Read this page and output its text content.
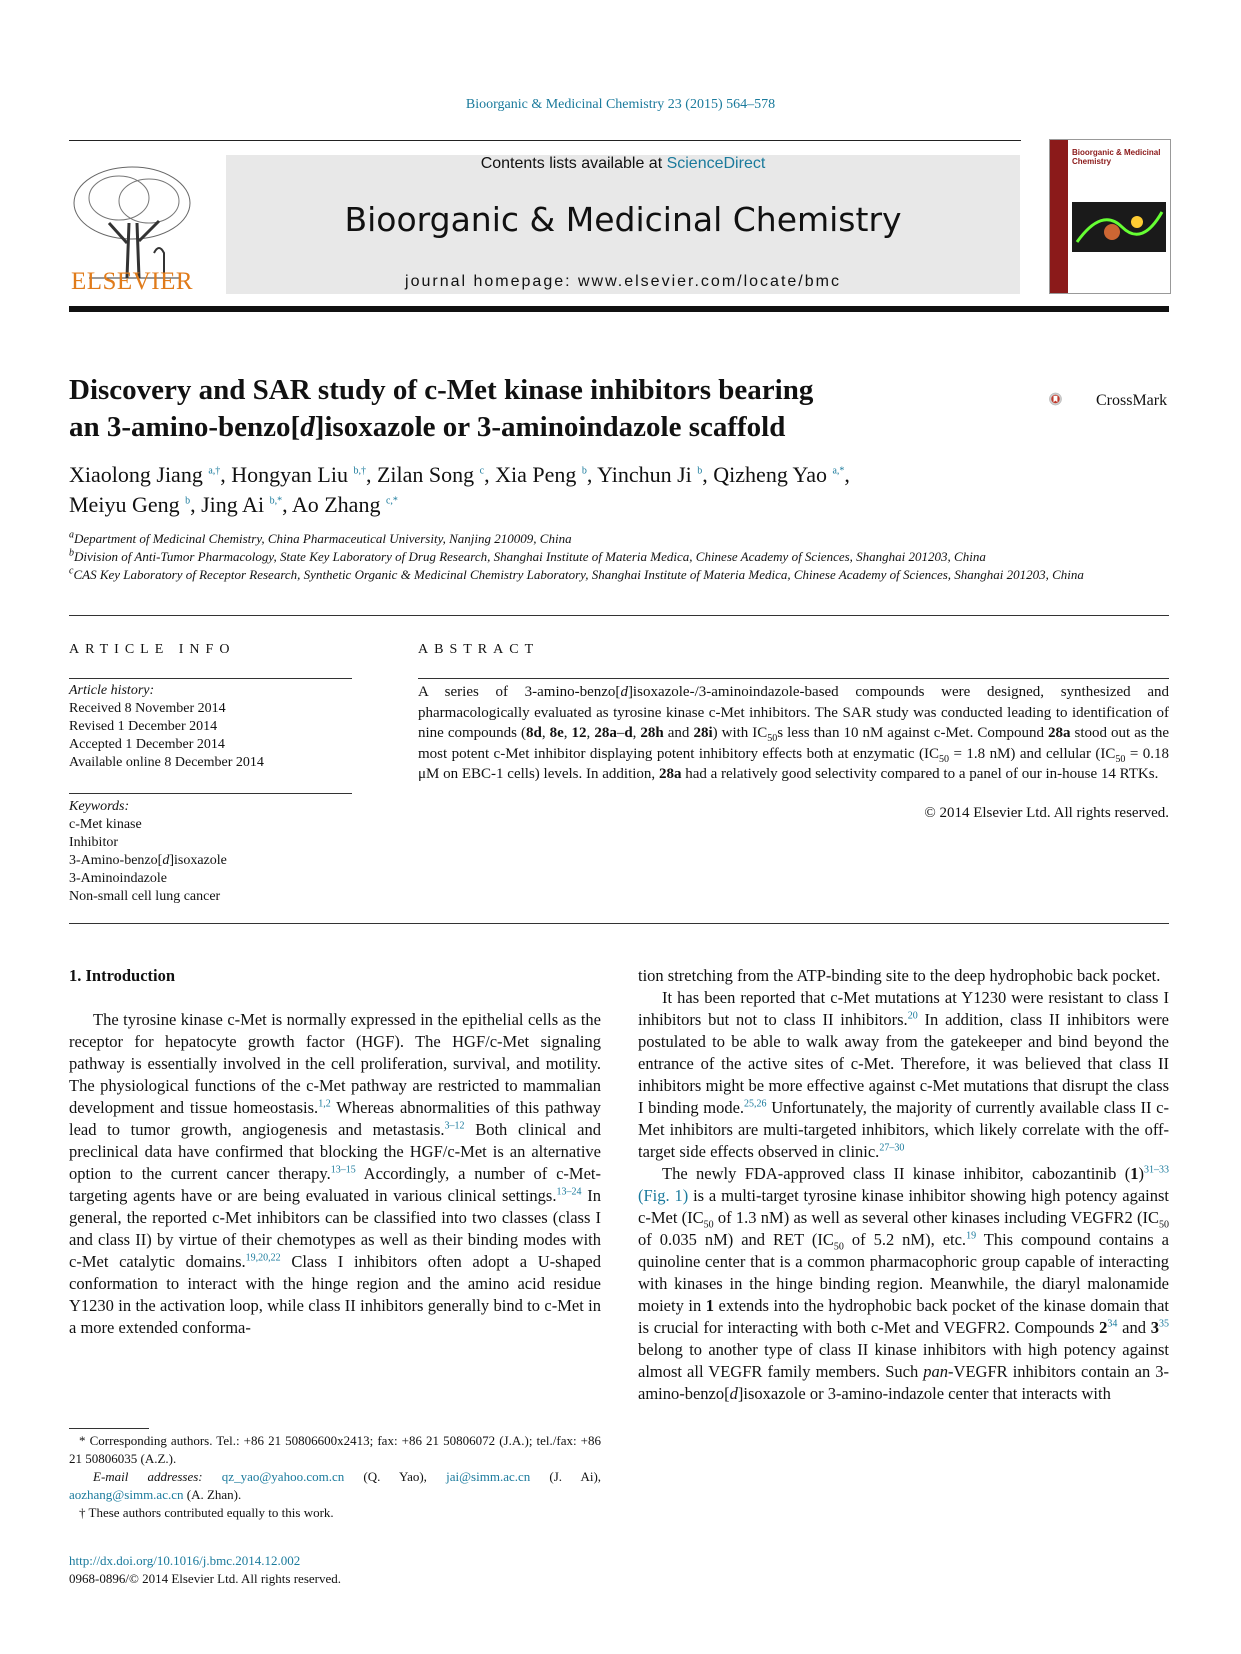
Bioorganic & Medicinal Chemistry 23 (2015) 564–578
ELSEVIER
Contents lists available at ScienceDirect
Bioorganic & Medicinal Chemistry
journal homepage: www.elsevier.com/locate/bmc
Bioorganic & Medicinal Chemistry
Discovery and SAR study of c-Met kinase inhibitors bearing
an 3-amino-benzo[d]isoxazole or 3-aminoindazole scaffold
CrossMark
Xiaolong Jiang $^{a,\dagger}$, Hongyan Liu $^{b,\dagger}$, Zilan Song $^c$, Xia Peng $^b$, Yinchun Ji $^b$, Qizheng Yao $^{a,*}$,
Meiyu Geng $^b$, Jing Ai $^{b,*}$, Ao Zhang $^{c,*}$
$^a$Department of Medicinal Chemistry, China Pharmaceutical University, Nanjing 210009, China
$^b$Division of Anti-Tumor Pharmacology, State Key Laboratory of Drug Research, Shanghai Institute of Materia Medica, Chinese Academy of Sciences, Shanghai 201203, China
$^c$CAS Key Laboratory of Receptor Research, Synthetic Organic & Medicinal Chemistry Laboratory, Shanghai Institute of Materia Medica, Chinese Academy of Sciences, Shanghai 201203, China
ARTICLE INFO	ABSTRACT
Article history:
Received 8 November 2014
Revised 1 December 2014
Accepted 1 December 2014
Available online 8 December 2014
Keywords:
c-Met kinase
Inhibitor
3-Amino-benzo[d]isoxazole
3-Aminoindazole
Non-small cell lung cancer
A series of 3-amino-benzo[d]isoxazole-/3-aminoindazole-based compounds were designed, synthesized and pharmacologically evaluated as tyrosine kinase c-Met inhibitors. The SAR study was conducted leading to identification of nine compounds (8d, 8e, 12, 28a–d, 28h and 28i) with $IC_{50}s$ less than 10 nM against c-Met. Compound 28a stood out as the most potent c-Met inhibitor displaying potent inhibitory effects both at enzymatic ($IC_{50} = 1.8$ nM) and cellular ($IC_{50} = 0.18$ μM on EBC-1 cells) levels. In addition, 28a had a relatively good selectivity compared to a panel of our in-house 14 RTKs.
© 2014 Elsevier Ltd. All rights reserved.
1. Introduction

The tyrosine kinase c-Met is normally expressed in the epithelial cells as the receptor for hepatocyte growth factor (HGF). The HGF/c-Met signaling pathway is essentially involved in the cell proliferation, survival, and motility. The physiological functions of the c-Met pathway are restricted to mammalian development and tissue homeostasis.$^{1,2}$ Whereas abnormalities of this pathway lead to tumor growth, angiogenesis and metastasis.$^{3-12}$ Both clinical and preclinical data have confirmed that blocking the HGF/c-Met is an alternative option to the current cancer therapy.$^{13-15}$ Accordingly, a number of c-Met-targeting agents have or are being evaluated in various clinical settings.$^{13-24}$ In general, the reported c-Met inhibitors can be classified into two classes (class I and class II) by virtue of their chemotypes as well as their binding modes with c-Met catalytic domains.$^{19,20,22}$ Class I inhibitors often adopt a U-shaped conformation to interact with the hinge region and the amino acid residue Y1230 in the activation loop, while class II inhibitors generally bind to c-Met in a more extended conforma-

tion stretching from the ATP-binding site to the deep hydrophobic back pocket.

It has been reported that c-Met mutations at Y1230 were resistant to class I inhibitors but not to class II inhibitors.$^{20}$ In addition, class II inhibitors were postulated to be able to walk away from the gatekeeper and bind beyond the entrance of the active sites of c-Met. Therefore, it was believed that class II inhibitors might be more effective against c-Met mutations that disrupt the class I binding mode.$^{25,26}$ Unfortunately, the majority of currently available class II c-Met inhibitors are multi-targeted inhibitors, which likely correlate with the off-target side effects observed in clinic.$^{27-30}$

The newly FDA-approved class II kinase inhibitor, cabozantinib $(1)^{31-33}$ (Fig. 1) is a multi-target tyrosine kinase inhibitor showing high potency against c-Met ($IC_{50}$ of 1.3 nM) as well as several other kinases including VEGFR2 ($IC_{50}$ of 0.035 nM) and RET ($IC_{50}$ of 5.2 nM), etc.$^{19}$ This compound contains a quinoline center that is a common pharmacophoric group capable of interacting with kinases in the hinge binding region. Meanwhile, the diaryl malonamide moiety in 1 extends into the hydrophobic back pocket of the kinase domain that is crucial for interacting with both c-Met and VEGFR2. Compounds $2^{34}$ and $3^{35}$ belong to another type of class II kinase inhibitors with high potency against almost all VEGFR family members. Such pan-VEGFR inhibitors contain an 3-amino-benzo[d]isoxazole or 3-amino-indazole center that interacts with

* Corresponding authors. Tel.: +86 21 50806600x2413; fax: +86 21 50806072 (J.A.); tel./fax: +86 21 50806035 (A.Z.).
E-mail addresses: qz_yao@yahoo.com.cn (Q. Yao), jai@simm.ac.cn (J. Ai), aozhang@simm.ac.cn (A. Zhan).
† These authors contributed equally to this work.
http://dx.doi.org/10.1016/j.bmc.2014.12.002
0968-0896/© 2014 Elsevier Ltd. All rights reserved.
